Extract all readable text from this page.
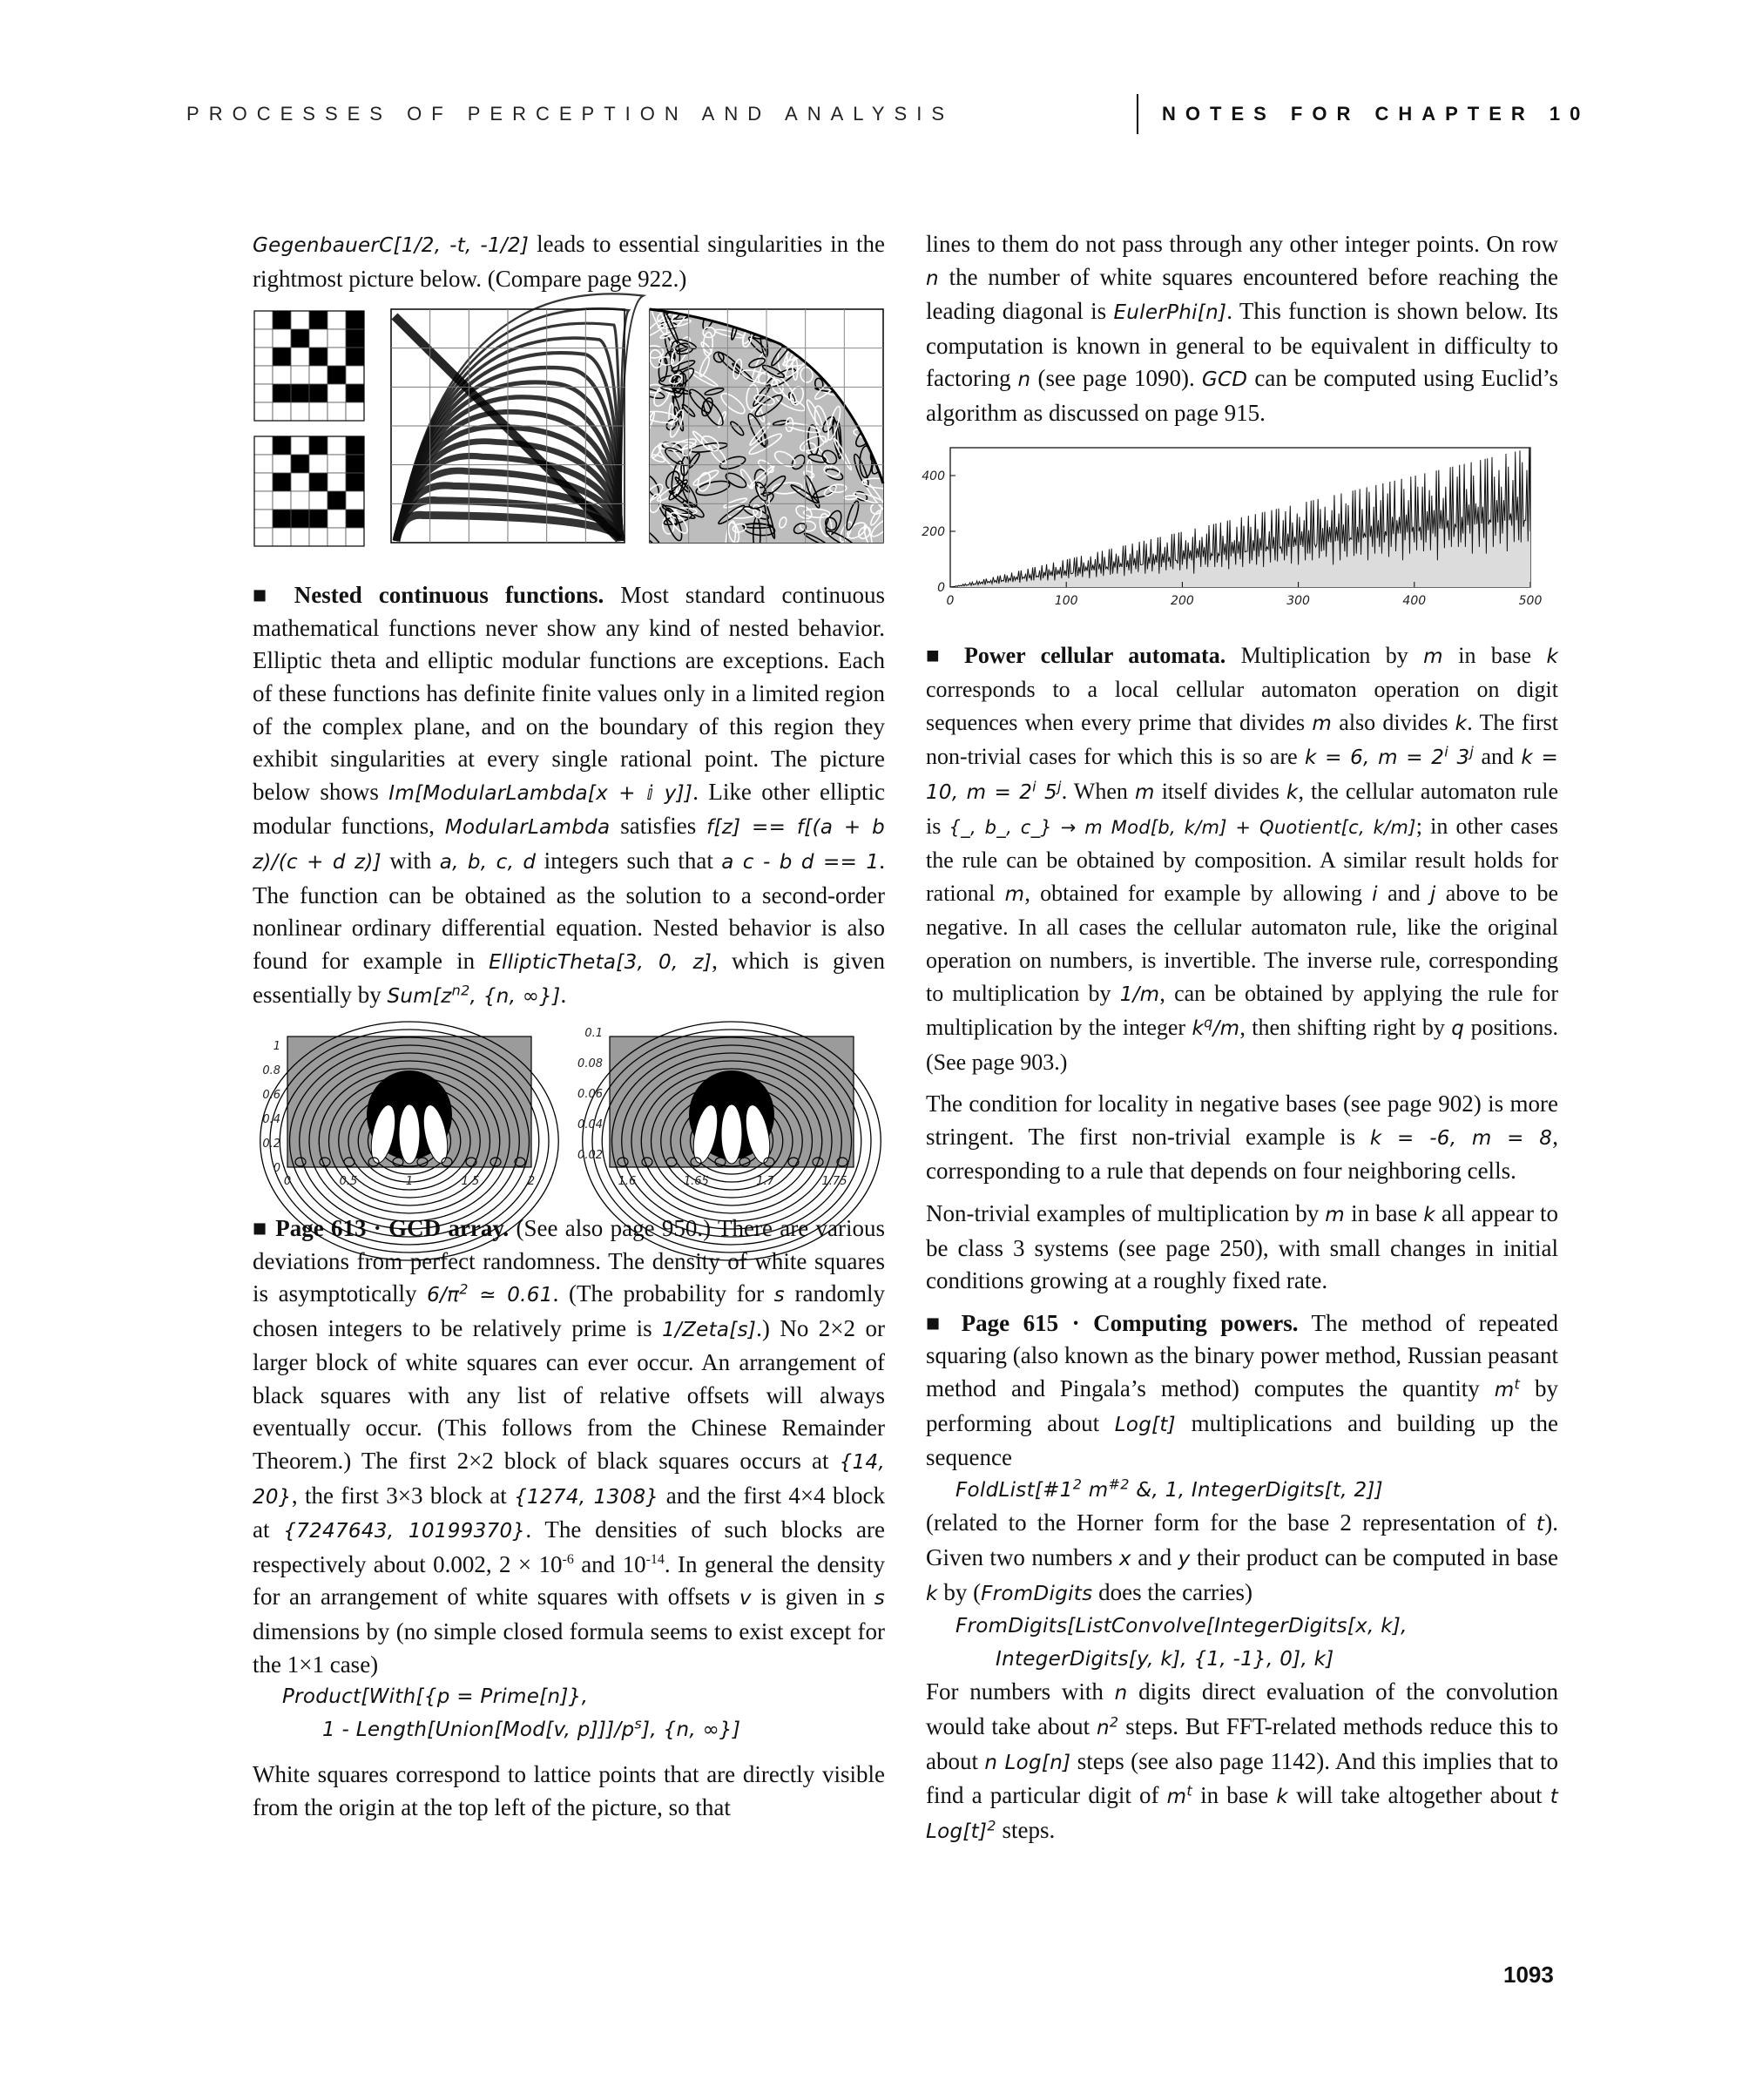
PROCESSES OF PERCEPTION AND ANALYSIS	NOTES FOR CHAPTER 10

GegenbauerC[1/2, -t, -1/2] leads to essential singularities in the rightmost picture below. (Compare page 922.)

■ Nested continuous functions. Most standard continuous mathematical functions never show any kind of nested behavior. Elliptic theta and elliptic modular functions are exceptions. Each of these functions has definite finite values only in a limited region of the complex plane, and on the boundary of this region they exhibit singularities at every single rational point. The picture below shows Im[ModularLambda[x + ⅈ y]]. Like other elliptic modular functions, ModularLambda satisfies f[z] == f[(a + b z)/(c + d z)] with a, b, c, d integers such that a c - b d == 1. The function can be obtained as the solution to a second-order nonlinear ordinary differential equation. Nested behavior is also found for example in EllipticTheta[3, 0, z], which is given essentially by $Sum[z^{n2}$, {n, ∞}].

0
0.2
0.4
0.6
0.8
1
0	0.5	1	1.5	2
0.02
0.04
0.06
0.08
0.1
1.6	1.65	1.7	1.75

■ Page 613 · GCD array. (See also page 950.) There are various deviations from perfect randomness. The density of white squares is asymptotically $6/\pi^2$ ≃ 0.61. (The probability for s randomly chosen integers to be relatively prime is 1/Zeta[s].) No 2×2 or larger block of white squares can ever occur. An arrangement of black squares with any list of relative offsets will always eventually occur. (This follows from the Chinese Remainder Theorem.) The first 2×2 block of black squares occurs at {14, 20}, the first 3×3 block at {1274, 1308} and the first 4×4 block at {7247643, 10199370}. The densities of such blocks are respectively about 0.002, $2 \times 10^{-6}$ and $10^{-14}$. In general the density for an arrangement of white squares with offsets v is given in s dimensions by (no simple closed formula seems to exist except for the 1×1 case)

Product[With[{p = Prime[n]},
1 - Length[Union[Mod[v, $p]]]/p^s$], {n, ∞}]

White squares correspond to lattice points that are directly visible from the origin at the top left of the picture, so that

lines to them do not pass through any other integer points. On row n the number of white squares encountered before reaching the leading diagonal is EulerPhi[n]. This function is shown below. Its computation is known in general to be equivalent in difficulty to factoring n (see page 1090). GCD can be computed using Euclid’s algorithm as discussed on page 915.

0
200
400
0	100	200	300	400	500

■ Power cellular automata. Multiplication by m in base k corresponds to a local cellular automaton operation on digit sequences when every prime that divides m also divides k. The first non-trivial cases for which this is so are k = 6, $m = 2^i$ 3$^j$ and k = 10, $m = 2^i$ 5$^j$. When m itself divides k, the cellular automaton rule is {_, b_, c_} → m Mod[b, k/m] + Quotient[c, k/m]; in other cases the rule can be obtained by composition. A similar result holds for rational m, obtained for example by allowing i and j above to be negative. In all cases the cellular automaton rule, like the original operation on numbers, is invertible. The inverse rule, corresponding to multiplication by 1/m, can be obtained by applying the rule for multiplication by the integer $k^q/m$, then shifting right by q positions. (See page 903.)

The condition for locality in negative bases (see page 902) is more stringent. The first non-trivial example is k = -6, m = 8, corresponding to a rule that depends on four neighboring cells.

Non-trivial examples of multiplication by m in base k all appear to be class 3 systems (see page 250), with small changes in initial conditions growing at a roughly fixed rate.

■ Page 615 · Computing powers. The method of repeated squaring (also known as the binary power method, Russian peasant method and Pingala’s method) computes the quantity $m^t$ by performing about Log[t] multiplications and building up the sequence
$FoldList[\#1^2$ $m^{\#2}$ &, 1, IntegerDigits[t, 2]]
(related to the Horner form for the base 2 representation of t). Given two numbers x and y their product can be computed in base k by (FromDigits does the carries)
FromDigits[ListConvolve[IntegerDigits[x, k],
IntegerDigits[y, k], {1, -1}, 0], k]
For numbers with n digits direct evaluation of the convolution would take about $n^2$ steps. But FFT-related methods reduce this to about n Log[n] steps (see also page 1142). And this implies that to find a particular digit of $m^t$ in base k will take altogether about t $Log[t]^2$ steps.

1093
